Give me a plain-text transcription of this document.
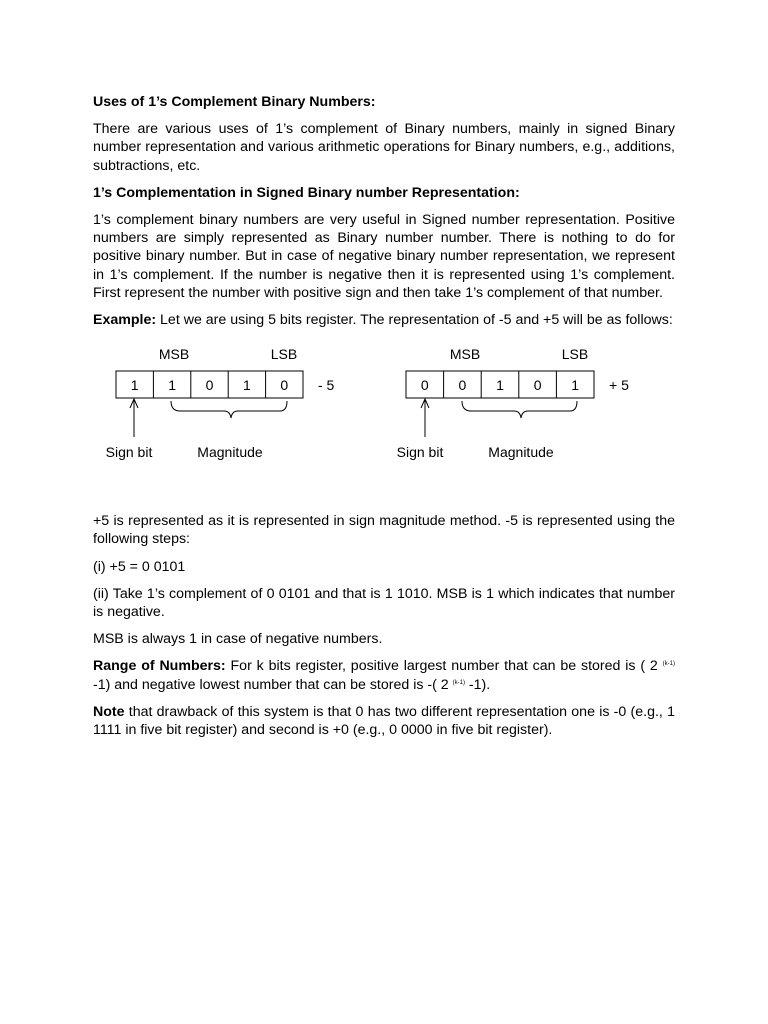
Uses of 1’s Complement Binary Numbers:

There are various uses of 1’s complement of Binary numbers, mainly in signed Binary number representation and various arithmetic operations for Binary numbers, e.g., additions, subtractions, etc.

1’s Complementation in Signed Binary number Representation:

1’s complement binary numbers are very useful in Signed number representation. Positive numbers are simply represented as Binary number number. There is nothing to do for positive binary number. But in case of negative binary number representation, we represent in 1’s complement. If the number is negative then it is represented using 1’s complement. First represent the number with positive sign and then take 1’s complement of that number.

Example: Let we are using 5 bits register. The representation of -5 and +5 will be as follows:

MSB	LSB
1 1 0 1 0 - 5
Sign bit	Magnitude
MSB	LSB
0 0 1 0 1 + 5
Sign bit	Magnitude

+5 is represented as it is represented in sign magnitude method. -5 is represented using the following steps:

(i) +5 = 0 0101

(ii) Take 1’s complement of 0 0101 and that is 1 1010. MSB is 1 which indicates that number is negative.

MSB is always 1 in case of negative numbers.

Range of Numbers: For k bits register, positive largest number that can be stored is ( 2 $^{(k-1)}$ -1) and negative lowest number that can be stored is -( 2 $^{(k-1)}$ -1).

Note that drawback of this system is that 0 has two different representation one is -0 (e.g., 1 1111 in five bit register) and second is +0 (e.g., 0 0000 in five bit register).
